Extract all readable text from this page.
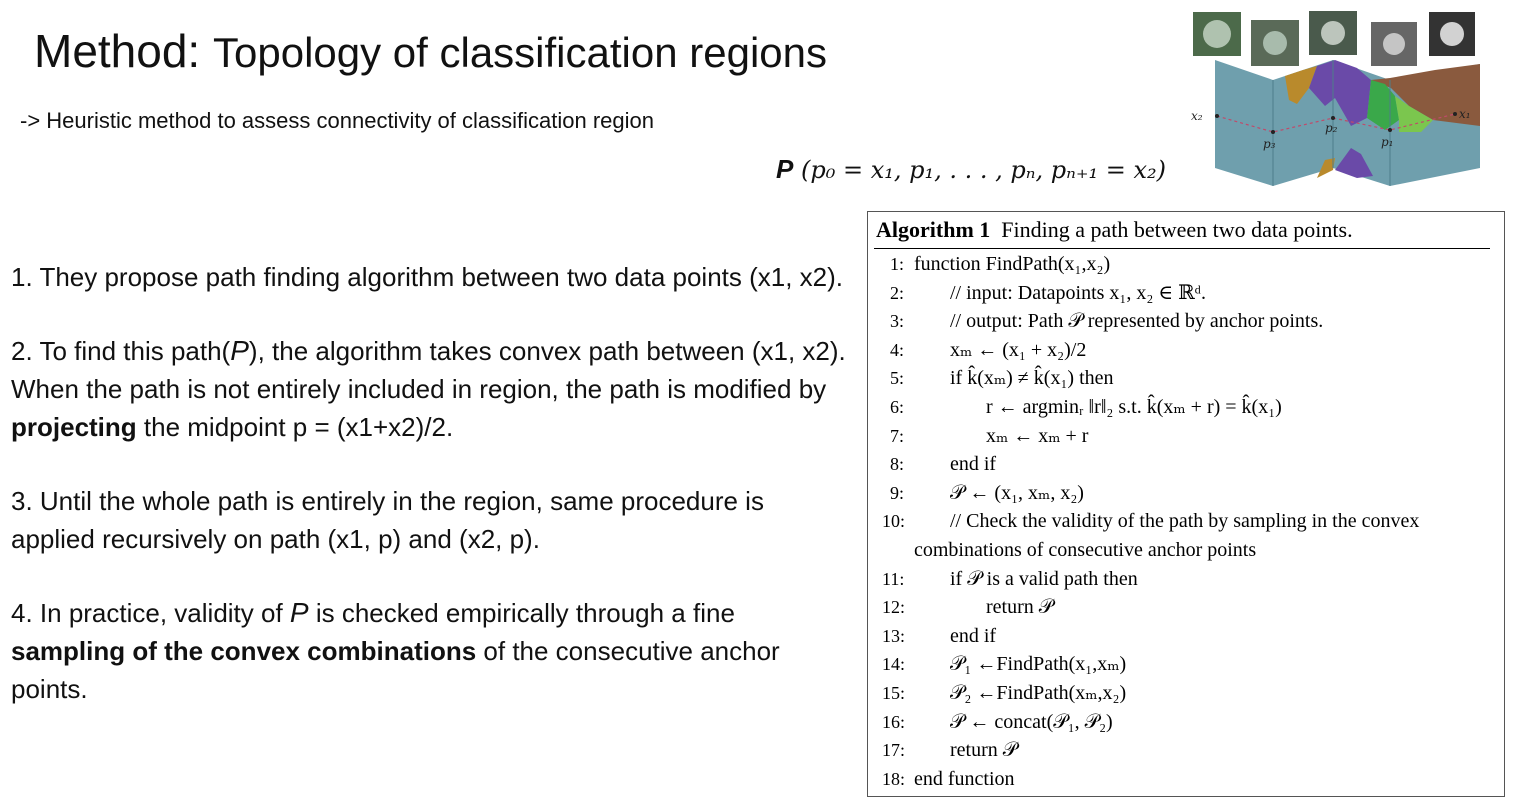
Method: Topology of classification regions
-> Heuristic method to assess connectivity of classification region
P (p₀ = x₁, p₁, . . . , pₙ, pₙ₊₁ = x₂)

1. They propose path finding algorithm between two data points (x1, x2).

2. To find this path(P), the algorithm takes convex path between (x1, x2). When the path is not entirely included in region, the path is modified by projecting the midpoint p = (x1+x2)/2.

3. Until the whole path is entirely in the region, same procedure is applied recursively on path (x1, p) and (x2, p).

4. In practice, validity of P is checked empirically through a fine sampling of the convex combinations of the consecutive anchor points.

Algorithm 1 Finding a path between two data points.
1: function FindPath(x₁,x₂)
2: // input: Datapoints x₁, x₂ ∈ ℝᵈ.
3: // output: Path 𝒫 represented by anchor points.
4: xₘ ← (x₁ + x₂)/2
5: if k̂(xₘ) ≠ k̂(x₁) then
6:	r ← argminᵣ ‖r‖₂ s.t. k̂(xₘ + r) = k̂(x₁)
7:	xₘ ← xₘ + r
8: end if
9: 𝒫 ← (x₁, xₘ, x₂)
10: // Check the validity of the path by sampling in the convex
combinations of consecutive anchor points
11: if 𝒫 is a valid path then
12:	return 𝒫
13: end if
14: 𝒫₁ ←FindPath(x₁,xₘ)
15: 𝒫₂ ←FindPath(xₘ,x₂)
16: 𝒫 ← concat(𝒫₁, 𝒫₂)
17: return 𝒫
18: end function
x₂	x₁
p₃
p₂
p₁
